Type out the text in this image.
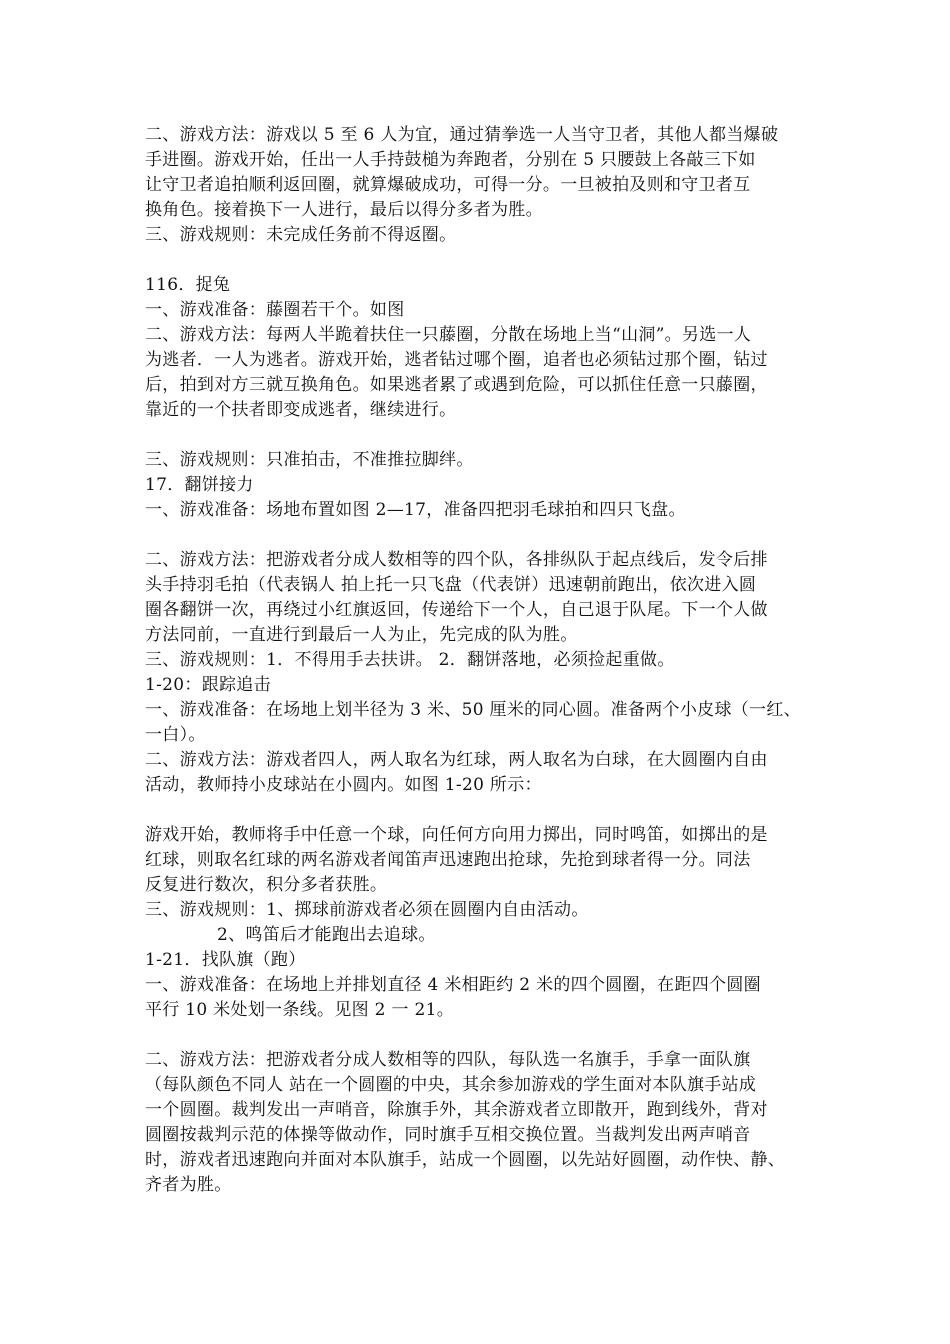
二、游戏方法：游戏以 5 至 6 人为宜，通过猜拳选一人当守卫者，其他人都当爆破
手进圈。游戏开始，任出一人手持鼓槌为奔跑者，分别在 5 只腰鼓上各敲三下如
让守卫者追拍顺利返回圈，就算爆破成功，可得一分。一旦被拍及则和守卫者互
换角色。接着换下一人进行，最后以得分多者为胜。
三、游戏规则：未完成任务前不得返圈。
116．捉兔
一、游戏准备：藤圈若干个。如图
二、游戏方法：每两人半跪着扶住一只藤圈，分散在场地上当“山洞”。另选一人
为逃者．一人为逃者。游戏开始，逃者钻过哪个圈，追者也必须钻过那个圈，钻过
后，拍到对方三就互换角色。如果逃者累了或遇到危险，可以抓住任意一只藤圈，
靠近的一个扶者即变成逃者，继续进行。
三、游戏规则：只准拍击，不准推拉脚绊。
17．翻饼接力
一、游戏准备：场地布置如图 2—17，准备四把羽毛球拍和四只飞盘。
二、游戏方法：把游戏者分成人数相等的四个队，各排纵队于起点线后，发令后排
头手持羽毛拍（代表锅人 拍上托一只飞盘（代表饼）迅速朝前跑出，依次进入圆
圈各翻饼一次，再绕过小红旗返回，传递给下一个人，自己退于队尾。下一个人做
方法同前，一直进行到最后一人为止，先完成的队为胜。
三、游戏规则：1．不得用手去扶讲。 2．翻饼落地，必须捡起重做。
1-20：跟踪追击
一、游戏准备：在场地上划半径为 3 米、50 厘米的同心圆。准备两个小皮球（一红、
一白）。
二、游戏方法：游戏者四人，两人取名为红球，两人取名为白球，在大圆圈内自由
活动，教师持小皮球站在小圆内。如图 1-20 所示：
游戏开始，教师将手中任意一个球，向任何方向用力掷出，同时鸣笛，如掷出的是
红球，则取名红球的两名游戏者闻笛声迅速跑出抢球，先抢到球者得一分。同法
反复进行数次，积分多者获胜。
三、游戏规则：1、掷球前游戏者必须在圆圈内自由活动。
2、鸣笛后才能跑出去追球。
1-21．找队旗（跑）
一、游戏准备：在场地上并排划直径 4 米相距约 2 米的四个圆圈，在距四个圆圈
平行 10 米处划一条线。见图 2 一 21。
二、游戏方法：把游戏者分成人数相等的四队，每队选一名旗手，手拿一面队旗
（每队颜色不同人 站在一个圆圈的中央，其余参加游戏的学生面对本队旗手站成
一个圆圈。裁判发出一声哨音，除旗手外，其余游戏者立即散开，跑到线外，背对
圆圈按裁判示范的体操等做动作，同时旗手互相交换位置。当裁判发出两声哨音
时，游戏者迅速跑向并面对本队旗手，站成一个圆圈，以先站好圆圈，动作快、静、
齐者为胜。
